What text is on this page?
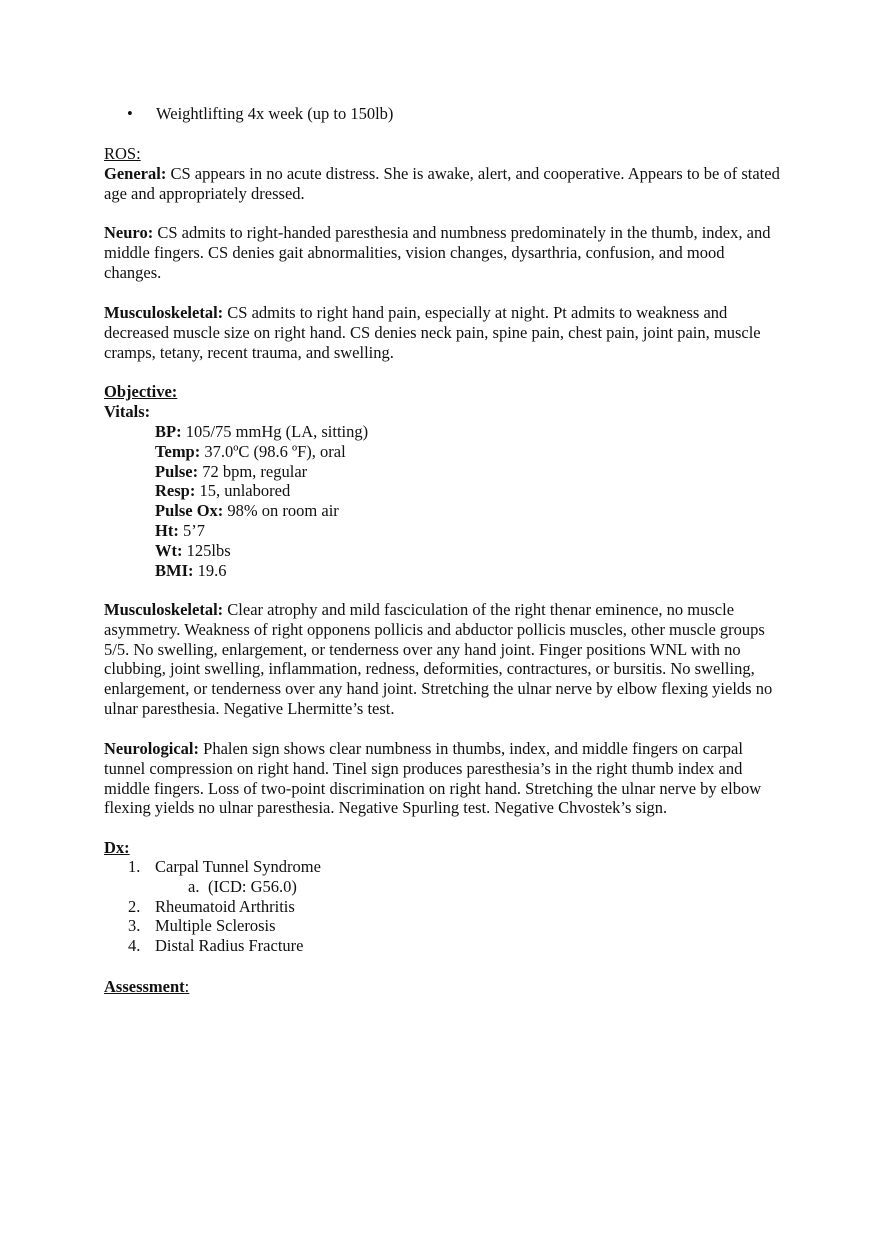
• Weightlifting 4x week (up to 150lb)

ROS:

General: CS appears in no acute distress. She is awake, alert, and cooperative. Appears to be of stated age and appropriately dressed.

Neuro: CS admits to right-handed paresthesia and numbness predominately in the thumb, index, and middle fingers. CS denies gait abnormalities, vision changes, dysarthria, confusion, and mood changes.

Musculoskeletal: CS admits to right hand pain, especially at night. Pt admits to weakness and decreased muscle size on right hand. CS denies neck pain, spine pain, chest pain, joint pain, muscle cramps, tetany, recent trauma, and swelling.

Objective:

Vitals:

BP: 105/75 mmHg (LA, sitting)

Temp: 37.0ºC (98.6 ºF), oral

Pulse: 72 bpm, regular

Resp: 15, unlabored

Pulse Ox: 98% on room air

Ht: 5’7

Wt: 125lbs

BMI: 19.6

Musculoskeletal: Clear atrophy and mild fasciculation of the right thenar eminence, no muscle asymmetry. Weakness of right opponens pollicis and abductor pollicis muscles, other muscle groups 5/5. No swelling, enlargement, or tenderness over any hand joint. Finger positions WNL with no clubbing, joint swelling, inflammation, redness, deformities, contractures, or bursitis. No swelling, enlargement, or tenderness over any hand joint. Stretching the ulnar nerve by elbow flexing yields no ulnar paresthesia. Negative Lhermitte’s test.

Neurological: Phalen sign shows clear numbness in thumbs, index, and middle fingers on carpal tunnel compression on right hand. Tinel sign produces paresthesia’s in the right thumb index and middle fingers. Loss of two-point discrimination on right hand. Stretching the ulnar nerve by elbow flexing yields no ulnar paresthesia. Negative Spurling test. Negative Chvostek’s sign.

Dx:

1. Carpal Tunnel Syndrome
a. (ICD: G56.0)
2. Rheumatoid Arthritis
3. Multiple Sclerosis
4. Distal Radius Fracture

Assessment:
